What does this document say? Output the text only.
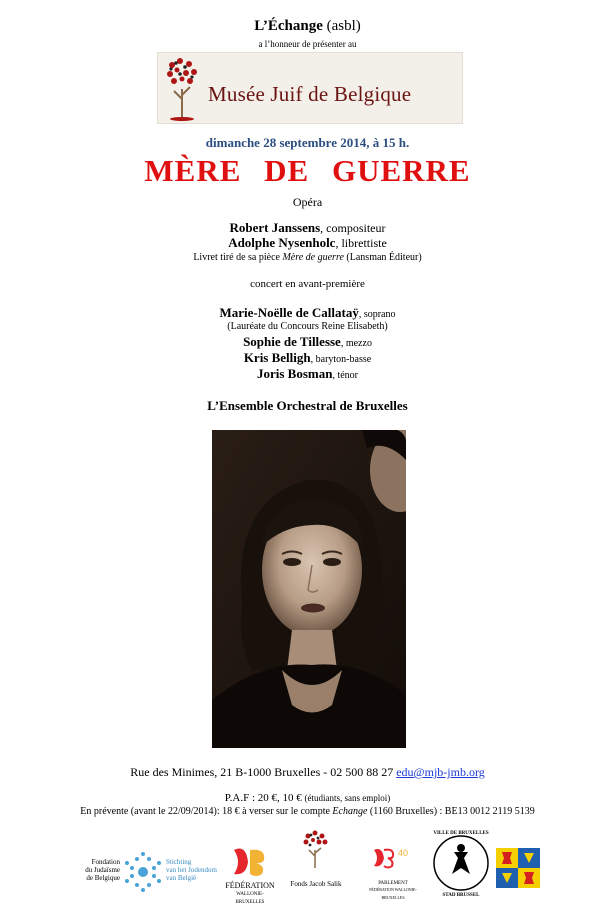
L’Échange (asbl)
a l’honneur de présenter au
Musée Juif de Belgique
dimanche 28 septembre 2014, à 15 h.
MÈRE DE GUERRE
Opéra
Robert Janssens, compositeur
Adolphe Nysenholc, librettiste
Livret tiré de sa pièce Mère de guerre (Lansman Éditeur)
concert en avant-première
Marie-Noëlle de Callataÿ, soprano
(Lauréate du Concours Reine Elisabeth)
Sophie de Tillesse, mezzo
Kris Belligh, baryton-basse
Joris Bosman, ténor
L’Ensemble Orchestral de Bruxelles
Rue des Minimes, 21 B-1000 Bruxelles - 02 500 88 27 edu@mjb-jmb.org
P.A.F : 20 €, 10 € (étudiants, sans emploi)
En prévente (avant le 22/09/2014): 18 € à verser sur le compte Echange (1160 Bruxelles) : BE13 0012 2119 5139
Fondation
du Judaïsme
de Belgique
Stichting
van het Jodendom
van België
FÉDÉRATION
WALLONIE-BRUXELLES
Fonds Jacob Salik
40
PARLEMENT
FÉDÉRATION WALLONIE-BRUXELLES
VILLE DE BRUXELLES
STAD BRUSSEL
